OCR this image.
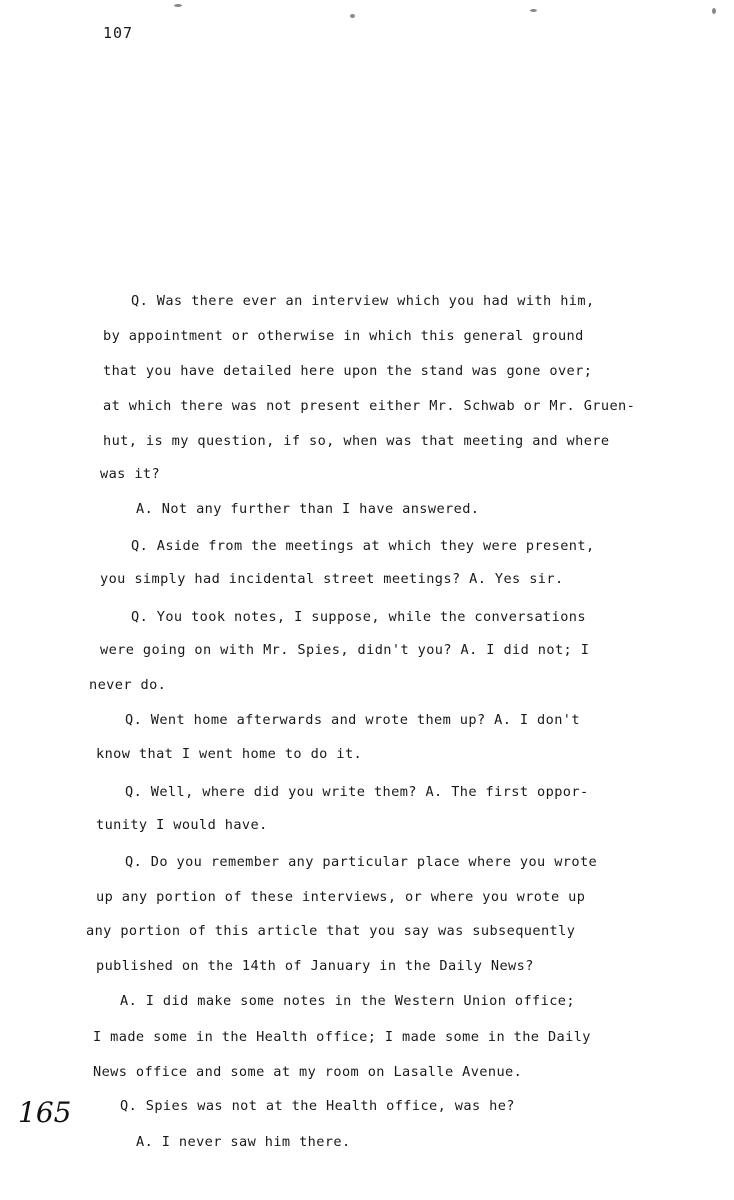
107
Q. Was there ever an interview which you had with him,
by appointment or otherwise in which this general ground
that you have detailed here upon the stand was gone over;
at which there was not present either Mr. Schwab or Mr. Gruen-
hut, is my question, if so, when was that meeting and where
was it?
A. Not any further than I have answered.
Q. Aside from the meetings at which they were present,
you simply had incidental street meetings? A. Yes sir.
Q. You took notes, I suppose, while the conversations
were going on with Mr. Spies, didn't you? A. I did not; I
never do.
Q. Went home afterwards and wrote them up? A. I don't
know that I went home to do it.
Q. Well, where did you write them? A. The first oppor-
tunity I would have.
Q. Do you remember any particular place where you wrote
up any portion of these interviews, or where you wrote up
any portion of this article that you say was subsequently
published on the 14th of January in the Daily News?
A. I did make some notes in the Western Union office;
I made some in the Health office; I made some in the Daily
News office and some at my room on Lasalle Avenue.
Q. Spies was not at the Health office, was he?
A. I never saw him there.
165
